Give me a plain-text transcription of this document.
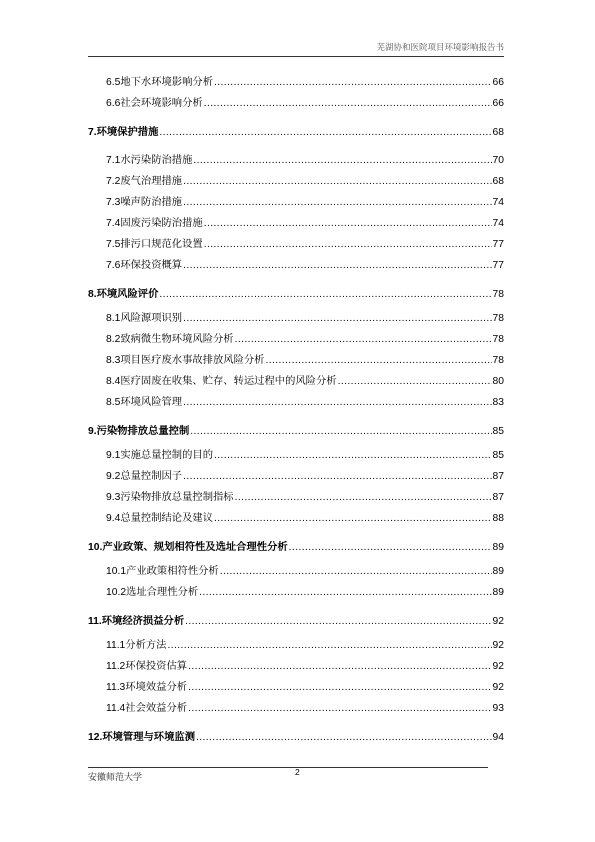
芜湖协和医院项目环境影响报告书
6.5 地下水环境影响分析 .....	66
6.6 社会环境影响分析 .....	66
7. 环境保护措施 .....	68
7.1 水污染防治措施 .....	70
7.2 废气治理措施 .....	68
7.3 噪声防治措施 .....	74
7.4 固废污染防治措施 .....	74
7.5 排污口规范化设置 .....	77
7.6 环保投资概算 .....	77
8. 环境风险评价 .....	78
8.1 风险源项识别 .....	78
8.2 致病微生物环境风险分析 .....	78
8.3 项目医疗废水事故排放风险分析 .....	78
8.4 医疗固废在收集、贮存、转运过程中的风险分析 .....	80
8.5 环境风险管理 .....	83
9. 污染物排放总量控制 .....	85
9.1 实施总量控制的目的 .....	85
9.2 总量控制因子 .....	87
9.3 污染物排放总量控制指标 .....	87
9.4 总量控制结论及建议 .....	88
10. 产业政策、规划相符性及选址合理性分析 .....	89
10.1 产业政策相符性分析 .....	89
10.2 选址合理性分析 .....	89
11. 环境经济损益分析 .....	92
11.1 分析方法 .....	92
11.2 环保投资估算 .....	92
11.3 环境效益分析 .....	92
11.4 社会效益分析 .....	93
12. 环境管理与环境监测 .....	94
安徽师范大学
2
